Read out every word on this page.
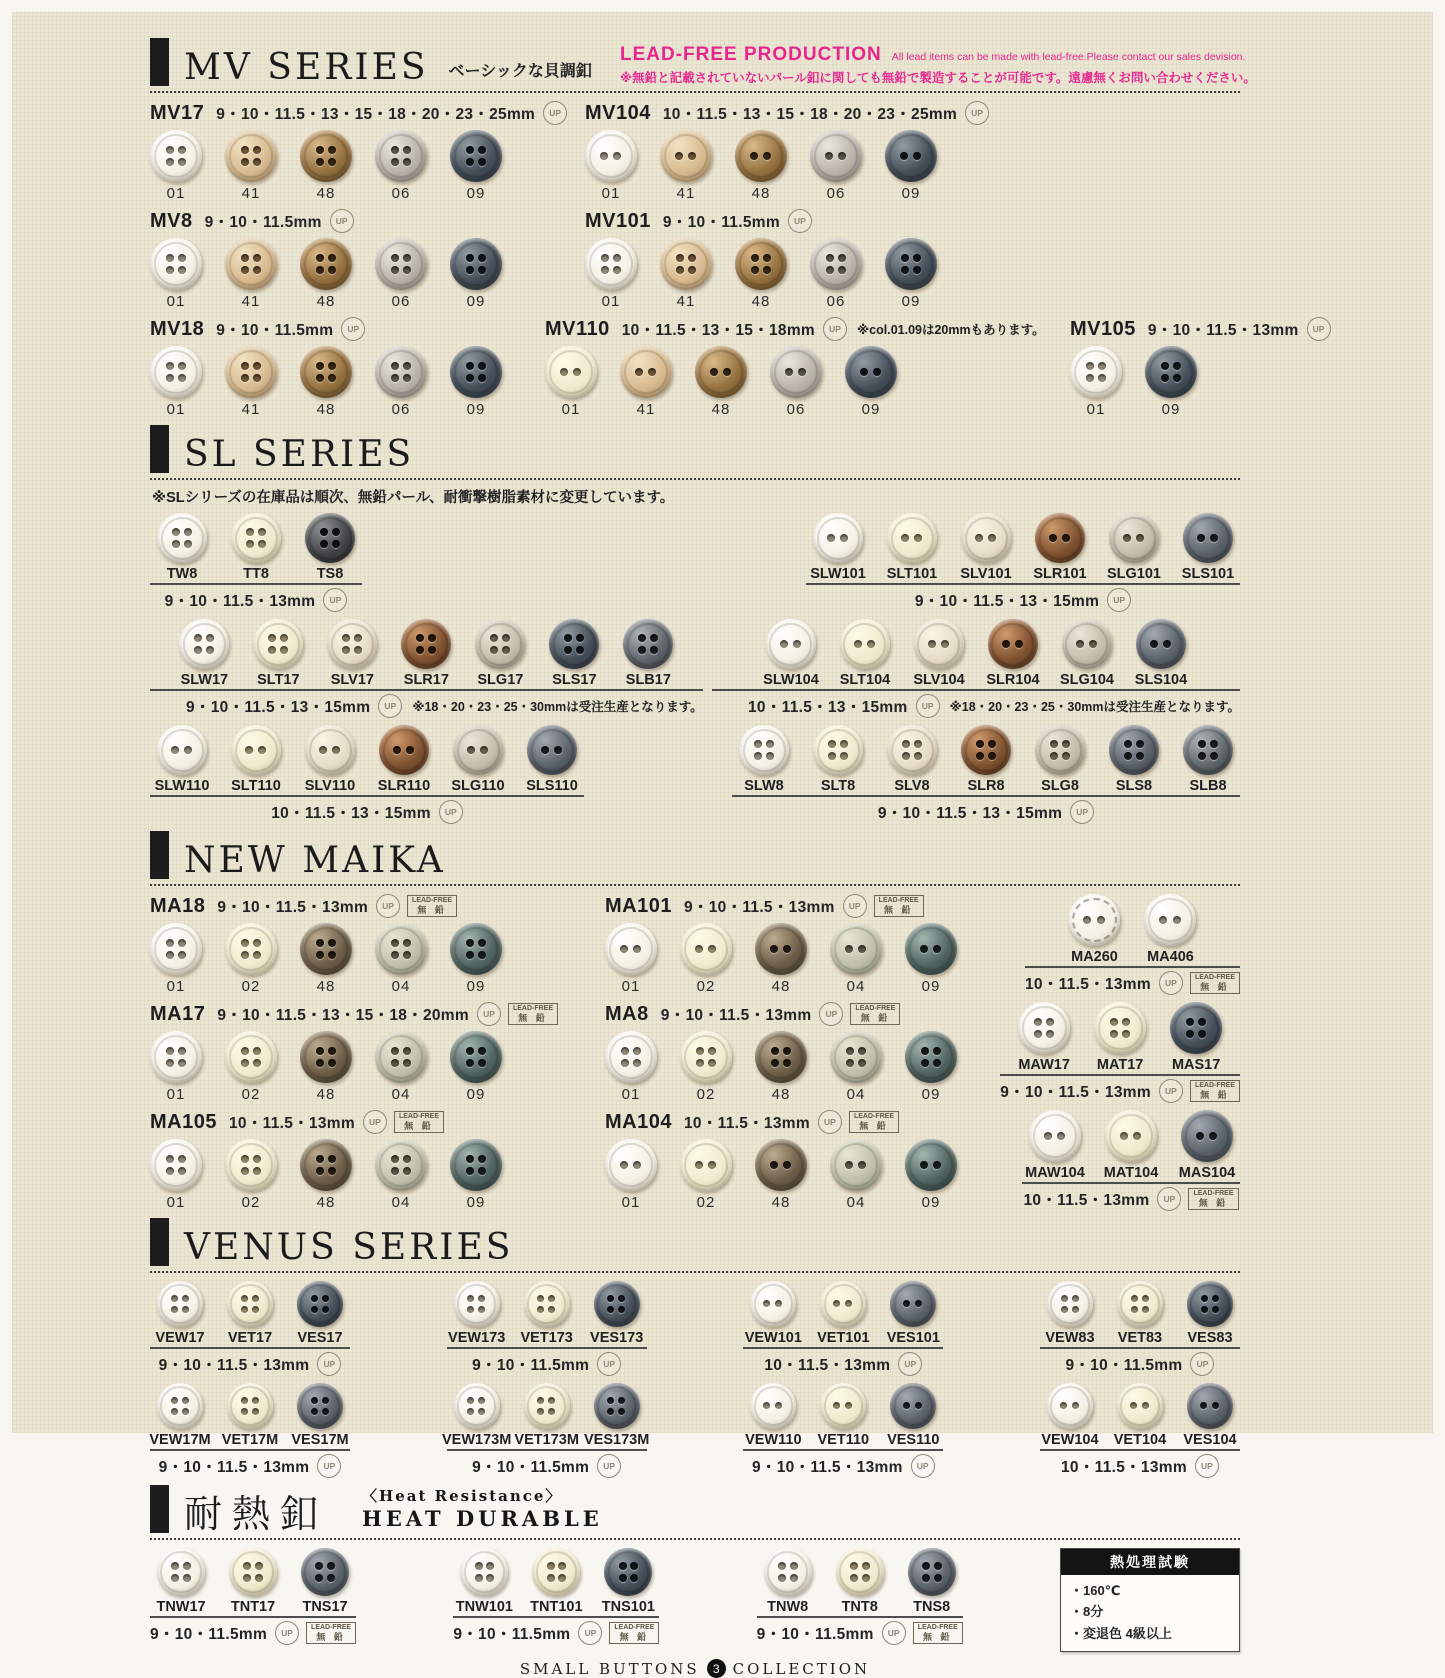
MV SERIES ベーシックな貝調釦
LEAD-FREE PRODUCTION All lead items can be made with lead-free.Please contact our sales devision.
※無鉛と記載されていないパール釦に関しても無鉛で製造することが可能です。遠慮無くお問い合わせください。
MV17 9・10・11.5・13・15・18・20・23・25mm	UP
01	41	48	06	09
MV104 10・11.5・13・15・18・20・23・25mm	UP
01	41	48	06	09
MV8 9・10・11.5mm	UP
01	41	48	06	09
MV101 9・10・11.5mm	UP
01	41	48	06	09
MV18 9・10・11.5mm	UP
01	41	48	06	09
MV110 10・11.5・13・15・18mm	UP	※col.01.09は20mmもあります。
01	41	48	06	09
MV105 9・10・11.5・13mm	UP
01	09
SL SERIES
※SLシリーズの在庫品は順次、無鉛パール、耐衝撃樹脂素材に変更しています。
TW8	TT8	TS8
9・10・11.5・13mm	UP
SLW101 SLT101 SLV101 SLR101 SLG101 SLS101
9・10・11.5・13・15mm	UP
SLW17 SLT17 SLV17 SLR17 SLG17 SLS17 SLB17
9・10・11.5・13・15mm	UP	※18・20・23・25・30mmは受注生産となります。
SLW104 SLT104 SLV104 SLR104 SLG104 SLS104
10・11.5・13・15mm	UP	※18・20・23・25・30mmは受注生産となります。
SLW110 SLT110 SLV110 SLR110 SLG110 SLS110
10・11.5・13・15mm	UP
SLW8	SLT8	SLV8	SLR8	SLG8	SLS8	SLB8
9・10・11.5・13・15mm	UP
NEW MAIKA
MA18 9・10・11.5・13mm	UP
LEAD-FREE
無 鉛
01	02	48	04	09
MA101 9・10・11.5・13mm	UP
LEAD-FREE
無 鉛
01	02	48	04	09
MA260 MA406
10・11.5・13mm	UP
LEAD-FREE
無 鉛
MA17 9・10・11.5・13・15・18・20mm	UP
LEAD-FREE
無 鉛
01	02	48	04	09
MA8 9・10・11.5・13mm	UP
LEAD-FREE
無 鉛
01	02	48	04	09
MAW17 MAT17 MAS17
9・10・11.5・13mm	UP
LEAD-FREE
無 鉛
MA105 10・11.5・13mm	UP
LEAD-FREE
無 鉛
01	02	48	04	09
MA104 10・11.5・13mm	UP
LEAD-FREE
無 鉛
01	02	48	04	09
MAW104 MAT104 MAS104
10・11.5・13mm	UP
LEAD-FREE
無 鉛
VENUS SERIES
VEW17 VET17 VES17
9・10・11.5・13mm	UP
VEW173 VET173 VES173
9・10・11.5mm	UP
VEW101 VET101 VES101
10・11.5・13mm	UP
VEW83 VET83 VES83
9・10・11.5mm	UP
VEW17M VET17M VES17M
9・10・11.5・13mm	UP
VEW173M VET173M VES173M
9・10・11.5mm	UP
VEW110 VET110 VES110
9・10・11.5・13mm	UP
VEW104 VET104 VES104
10・11.5・13mm	UP
耐熱釦 〈Heat Resistance〉
HEAT DURABLE
TNW17 TNT17 TNS17
9・10・11.5mm	UP
LEAD-FREE
無 鉛
TNW101 TNT101 TNS101
9・10・11.5mm	UP
LEAD-FREE
無 鉛
TNW8 TNT8 TNS8
9・10・11.5mm	UP
LEAD-FREE
無 鉛
熱処理試験
・160℃
・8分
・変退色 4級以上
SMALL BUTTONS	3 COLLECTION
